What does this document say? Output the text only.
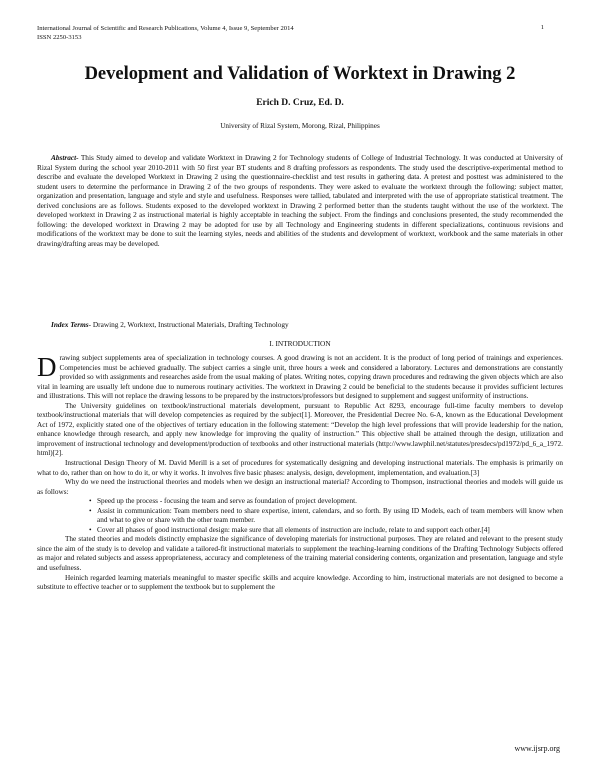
International Journal of Scientific and Research Publications, Volume 4, Issue 9, September 2014
ISSN 2250-3153
1
Development and Validation of Worktext in Drawing 2
Erich D. Cruz, Ed. D.
University of Rizal System, Morong, Rizal, Philippines

Abstract- This Study aimed to develop and validate Worktext in Drawing 2 for Technology students of College of Industrial Technology. It was conducted at University of Rizal System during the school year 2010-2011 with 50 first year BT students and 8 drafting professors as respondents. The study used the descriptive-experimental method to describe and evaluate the developed Worktext in Drawing 2 using the questionnaire-checklist and test results in gathering data. A pretest and posttest was administered to the student users to determine the performance in Drawing 2 of the two groups of respondents. They were asked to evaluate the worktext through the following: subject matter, organization and presentation, language and style and style and usefulness. Responses were tallied, tabulated and interpreted with the use of appropriate statistical treatment. The derived conclusions are as follows. Students exposed to the developed worktext in Drawing 2 performed better than the students taught without the use of the worktext. The developed worktext in Drawing 2 as instructional material is highly acceptable in teaching the subject. From the findings and conclusions presented, the study recommended the following: the developed worktext in Drawing 2 may be adopted for use by all Technology and Engineering students in different specializations, continuous revisions and modifications of the worktext may be done to suit the learning styles, needs and abilities of the students and development of worktext, workbook and the same materials in other drawing/drafting areas may be developed.

Index Terms- Drawing 2, Worktext, Instructional Materials, Drafting Technology

I. INTRODUCTION

Drawing subject supplements area of specialization in technology courses. A good drawing is not an accident. It is the product of long period of trainings and experiences. Competencies must be achieved gradually. The subject carries a single unit, three hours a week and considered a laboratory. Lectures and demonstrations are constantly provided so with assignments and researches aside from the usual making of plates. Writing notes, copying drawn procedures and redrawing the given objects which are also vital in learning are usually left undone due to numerous routinary activities. The worktext in Drawing 2 could be beneficial to the students because it provides sufficient lectures and illustrations. This will not replace the drawing lessons to be prepared by the instructors/professors but designed to supplement and suggest uniformity of instructions.

The University guidelines on textbook/instructional materials development, pursuant to Republic Act 8293, encourage full-time faculty members to develop textbook/instructional materials that will develop competencies as required by the subject[1]. Moreover, the Presidential Decree No. 6-A, known as the Educational Development Act of 1972, explicitly stated one of the objectives of tertiary education in the following statement: “Develop the high level professions that will provide leadership for the nation, enhance knowledge through research, and apply new knowledge for improving the quality of instruction.” This objective shall be attained through the design, utilization and improvement of instructional technology and development/production of textbooks and other instructional materials (http://www.lawphil.net/statutes/presdecs/pd1972/pd_6_a_1972. html)[2].

Instructional Design Theory of M. David Merill is a set of procedures for systematically designing and developing instructional materials. The emphasis is primarily on what to do, rather than on how to do it, or why it works. It involves five basic phases: analysis, design, development, implementation, and evaluation.[3]

Why do we need the instructional theories and models when we design an instructional material? According to Thompson, instructional theories and models will guide us as follows:

• Speed up the process - focusing the team and serve as foundation of project development.
• Assist in communication: Team members need to share expertise, intent, calendars, and so forth. By using ID Models, each of team members will know when and what to give or share with the other team member.
• Cover all phases of good instructional design: make sure that all elements of instruction are include, relate to and support each other.[4]

The stated theories and models distinctly emphasize the significance of developing materials for instructional purposes. They are related and relevant to the present study since the aim of the study is to develop and validate a tailored-fit instructional materials to supplement the teaching-learning conditions of the Drafting Technology Subjects offered as major and related subjects and assess appropriateness, accuracy and completeness of the training material considering contents, organization and presentation, language and style and usefulness.

Heinich regarded learning materials meaningful to master specific skills and acquire knowledge. According to him, instructional materials are not designed to become a substitute to effective teacher or to supplement the textbook but to supplement the

www.ijsrp.org
